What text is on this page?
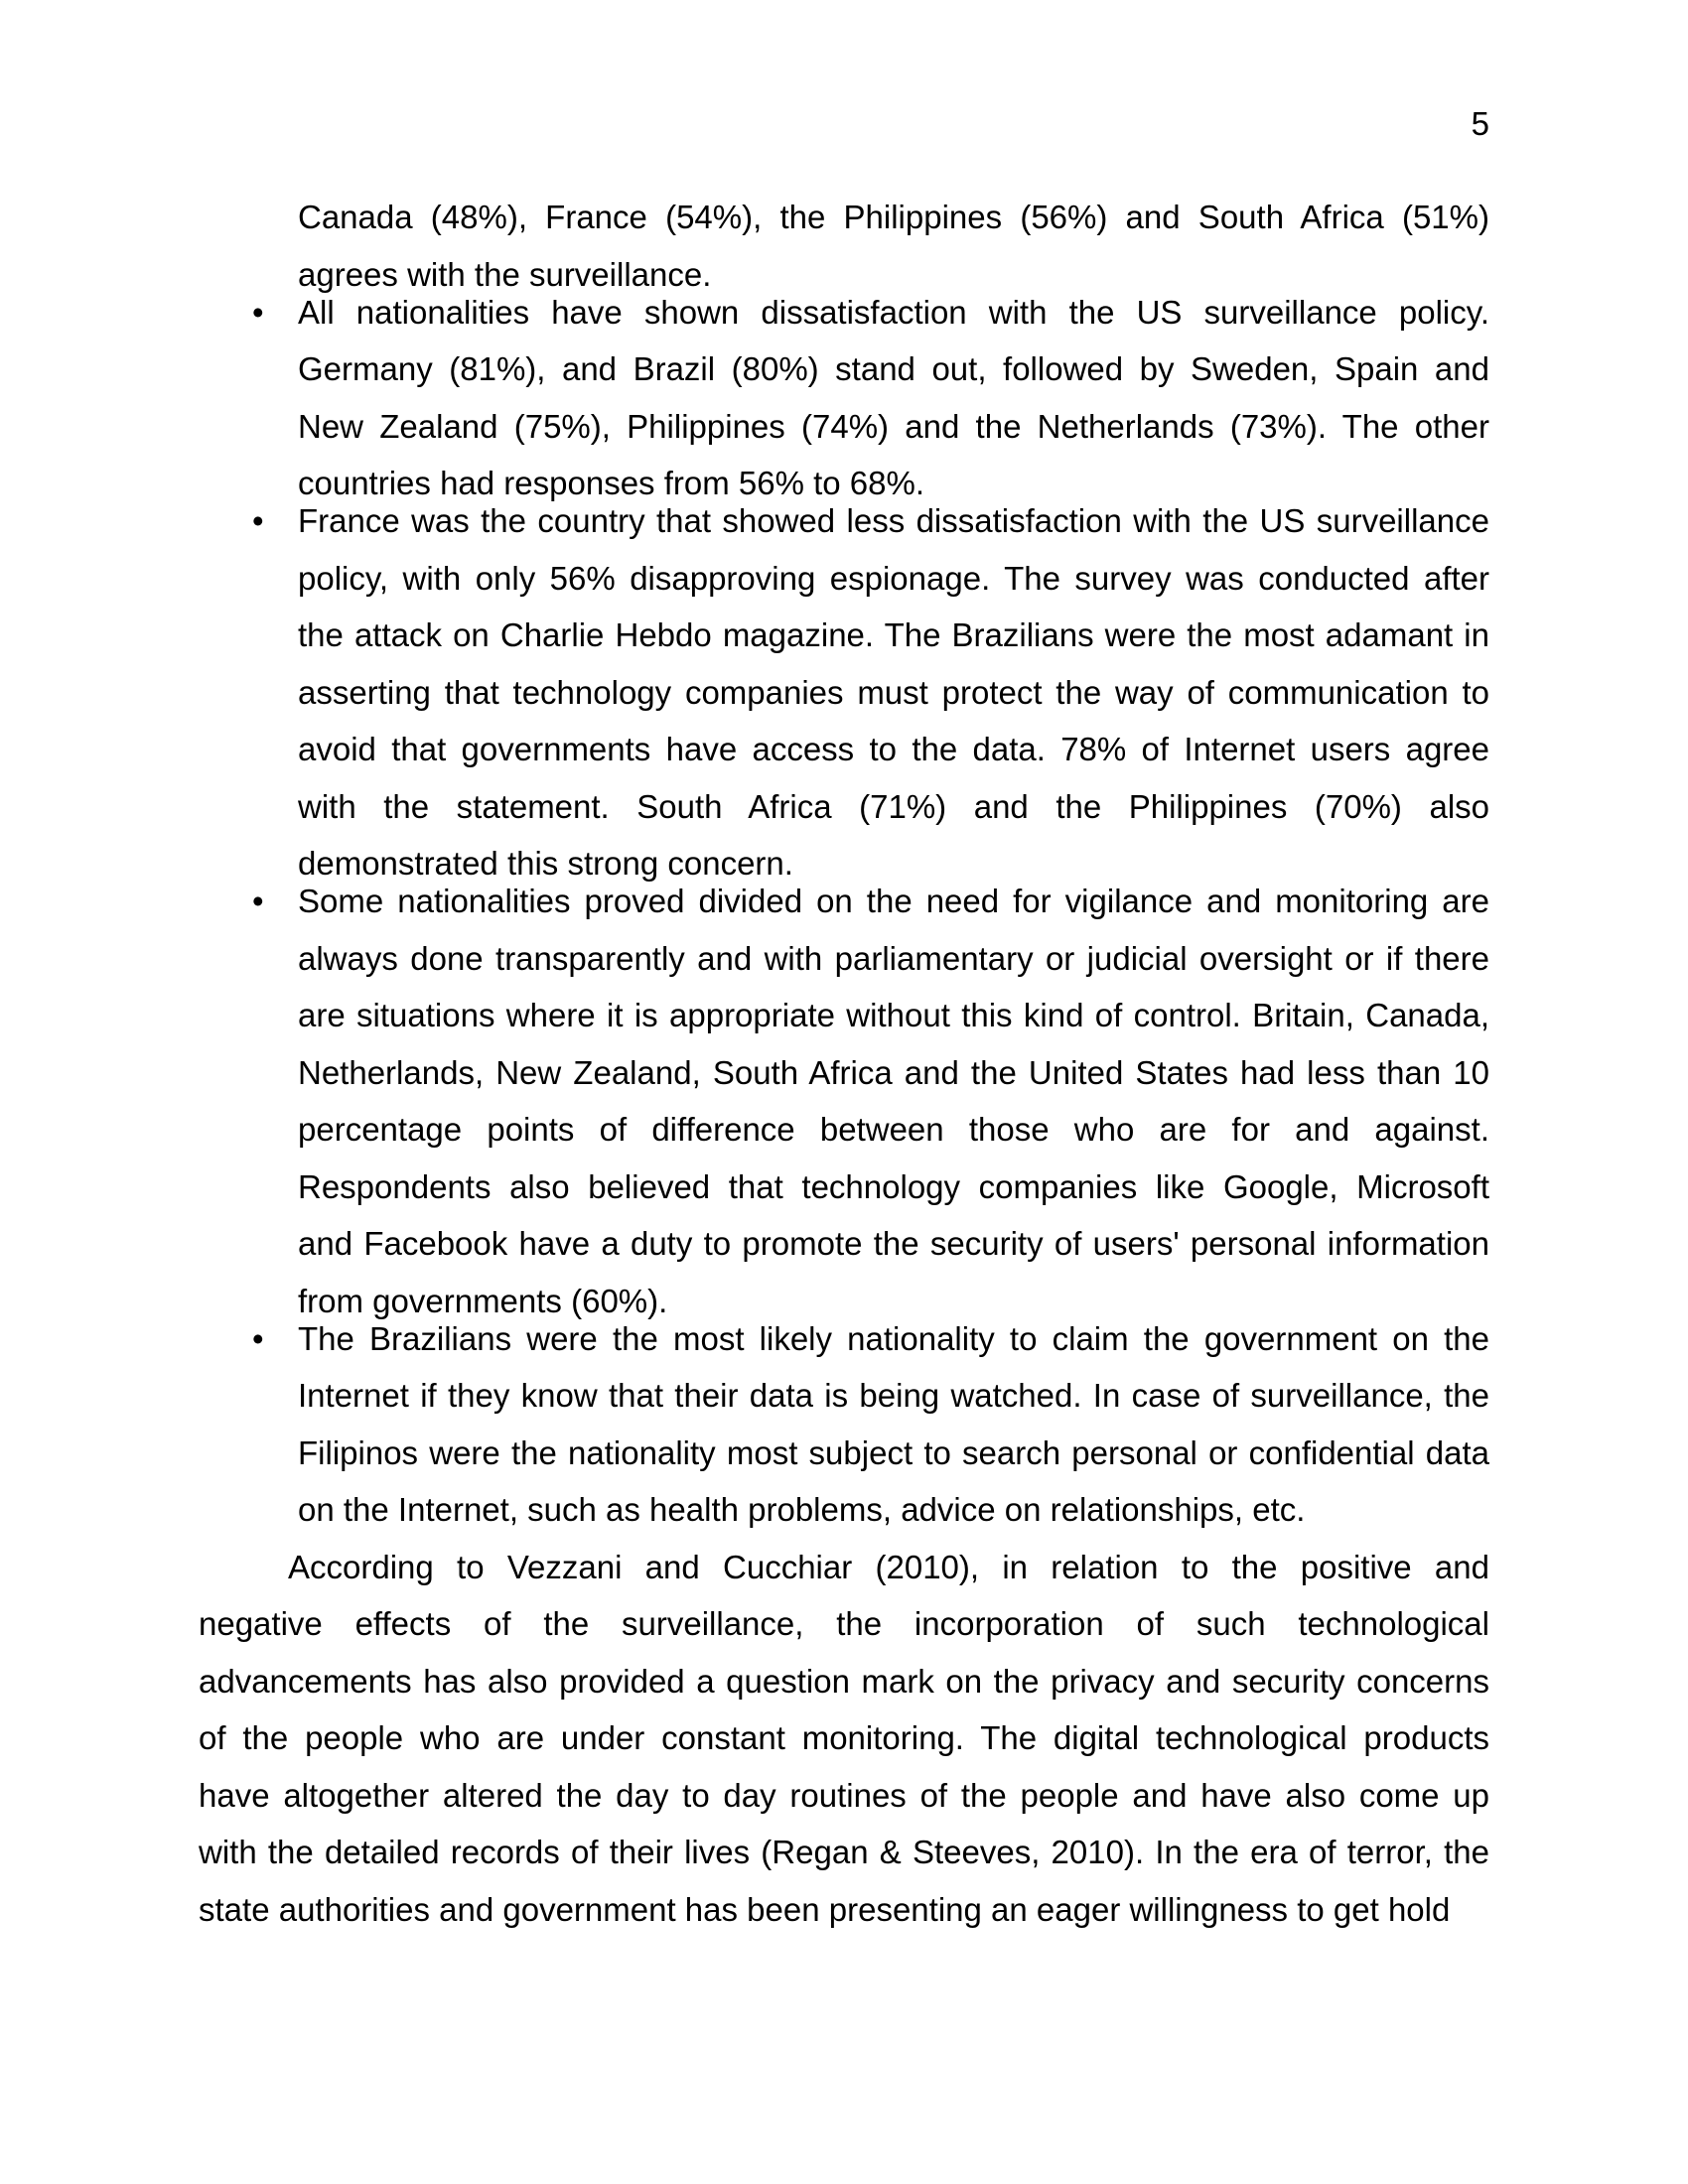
5
Canada (48%), France (54%), the Philippines (56%) and South Africa (51%)
agrees with the surveillance.
•	All nationalities have shown dissatisfaction with the US surveillance policy.
Germany (81%), and Brazil (80%) stand out, followed by Sweden, Spain and
New Zealand (75%), Philippines (74%) and the Netherlands (73%). The other
countries had responses from 56% to 68%.
•	France was the country that showed less dissatisfaction with the US surveillance
policy, with only 56% disapproving espionage. The survey was conducted after
the attack on Charlie Hebdo magazine. The Brazilians were the most adamant in
asserting that technology companies must protect the way of communication to
avoid that governments have access to the data. 78% of Internet users agree
with the statement. South Africa (71%) and the Philippines (70%) also
demonstrated this strong concern.
•	Some nationalities proved divided on the need for vigilance and monitoring are
always done transparently and with parliamentary or judicial oversight or if there
are situations where it is appropriate without this kind of control. Britain, Canada,
Netherlands, New Zealand, South Africa and the United States had less than 10
percentage points of difference between those who are for and against.
Respondents also believed that technology companies like Google, Microsoft
and Facebook have a duty to promote the security of users' personal information
from governments (60%).
•	The Brazilians were the most likely nationality to claim the government on the
Internet if they know that their data is being watched. In case of surveillance, the
Filipinos were the nationality most subject to search personal or confidential data
on the Internet, such as health problems, advice on relationships, etc.
According to Vezzani and Cucchiar (2010), in relation to the positive and
negative effects of the surveillance, the incorporation of such technological
advancements has also provided a question mark on the privacy and security concerns
of the people who are under constant monitoring. The digital technological products
have altogether altered the day to day routines of the people and have also come up
with the detailed records of their lives (Regan & Steeves, 2010). In the era of terror, the
state authorities and government has been presenting an eager willingness to get hold
